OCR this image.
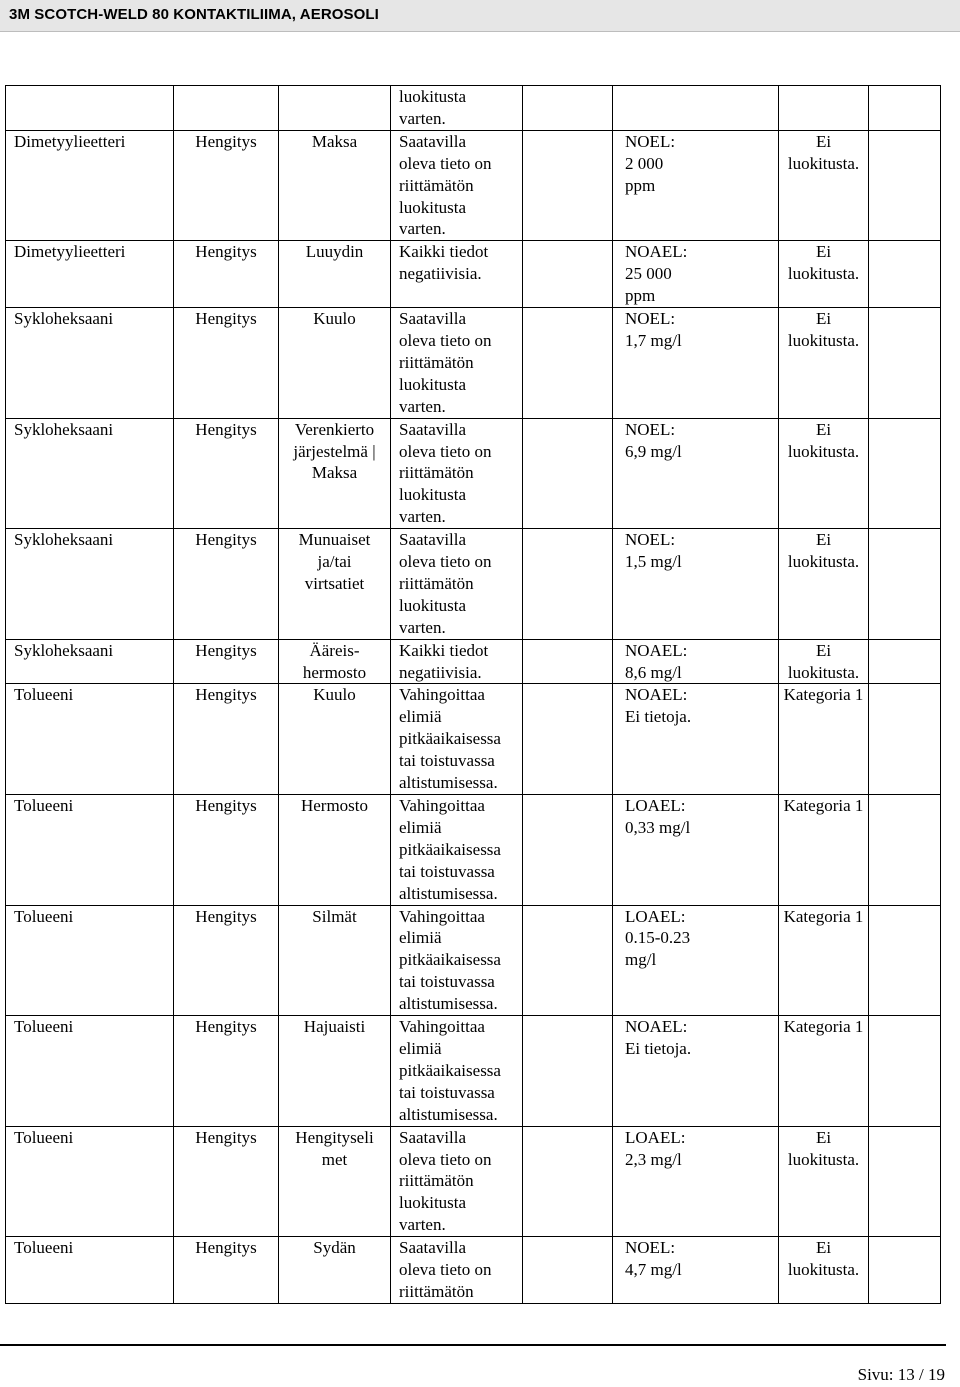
3M SCOTCH-WELD 80 KONTAKTILIIMA, AEROSOLI
			luokitusta
varten.				
Dimetyylieetteri	Hengitys	Maksa	Saatavilla
oleva tieto on
riittämätön
luokitusta
varten.		NOEL:
2 000
ppm	Ei luokitusta.	
Dimetyylieetteri	Hengitys	Luuydin	Kaikki tiedot
negatiivisia.		NOAEL:
25 000
ppm	Ei luokitusta.	
Sykloheksaani	Hengitys	Kuulo	Saatavilla
oleva tieto on
riittämätön
luokitusta
varten.		NOEL:
1,7 mg/l	Ei luokitusta.	
Sykloheksaani	Hengitys	Verenkierto
järjestelmä |
Maksa	Saatavilla
oleva tieto on
riittämätön
luokitusta
varten.		NOEL:
6,9 mg/l	Ei luokitusta.	
Sykloheksaani	Hengitys	Munuaiset
ja/tai
virtsatiet	Saatavilla
oleva tieto on
riittämätön
luokitusta
varten.		NOEL:
1,5 mg/l	Ei luokitusta.	
Sykloheksaani	Hengitys	Ääreis-
hermosto	Kaikki tiedot
negatiivisia.		NOAEL:
8,6 mg/l	Ei luokitusta.	
Tolueeni	Hengitys	Kuulo	Vahingoittaa
elimiä
pitkäaikaisessa
tai toistuvassa
altistumisessa.		NOAEL:
Ei tietoja.	Kategoria 1	
Tolueeni	Hengitys	Hermosto	Vahingoittaa
elimiä
pitkäaikaisessa
tai toistuvassa
altistumisessa.		LOAEL:
0,33 mg/l	Kategoria 1	
Tolueeni	Hengitys	Silmät	Vahingoittaa
elimiä
pitkäaikaisessa
tai toistuvassa
altistumisessa.		LOAEL:
0.15-0.23
mg/l	Kategoria 1	
Tolueeni	Hengitys	Hajuaisti	Vahingoittaa
elimiä
pitkäaikaisessa
tai toistuvassa
altistumisessa.		NOAEL:
Ei tietoja.	Kategoria 1	
Tolueeni	Hengitys	Hengityseli
met	Saatavilla
oleva tieto on
riittämätön
luokitusta
varten.		LOAEL:
2,3 mg/l	Ei luokitusta.	
Tolueeni	Hengitys	Sydän	Saatavilla
oleva tieto on
riittämätön		NOEL:
4,7 mg/l	Ei luokitusta.	
Sivu: 13 / 19
